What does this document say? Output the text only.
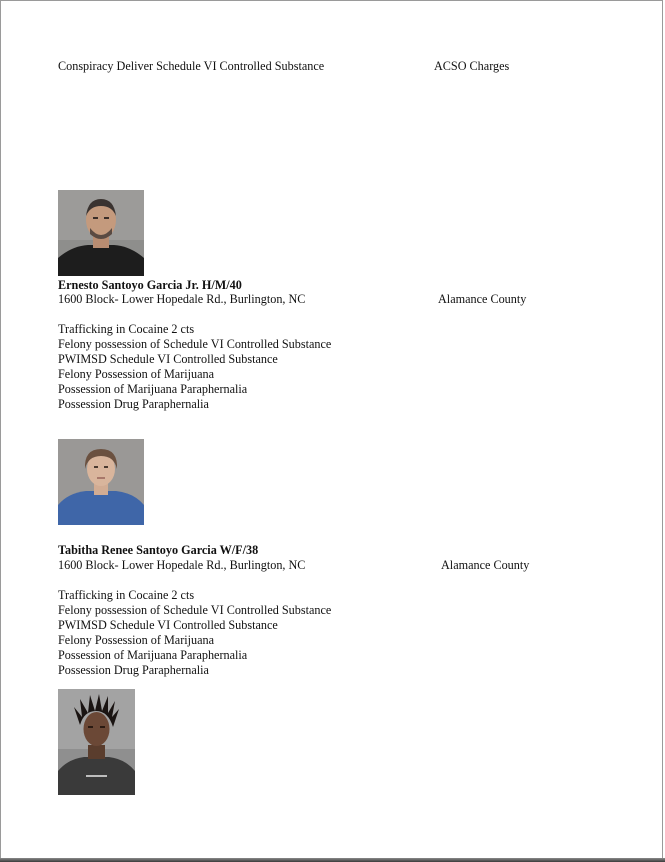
Conspiracy Deliver Schedule VI Controlled Substance	ACSO Charges
Ernesto Santoyo Garcia Jr. H/M/40
1600 Block- Lower Hopedale Rd., Burlington, NC	Alamance County
Trafficking in Cocaine 2 cts
Felony possession of Schedule VI Controlled Substance
PWIMSD Schedule VI Controlled Substance
Felony Possession of Marijuana
Possession of Marijuana Paraphernalia
Possession Drug Paraphernalia
Tabitha Renee Santoyo Garcia W/F/38
1600 Block- Lower Hopedale Rd., Burlington, NC	Alamance County
Trafficking in Cocaine 2 cts
Felony possession of Schedule VI Controlled Substance
PWIMSD Schedule VI Controlled Substance
Felony Possession of Marijuana
Possession of Marijuana Paraphernalia
Possession Drug Paraphernalia
